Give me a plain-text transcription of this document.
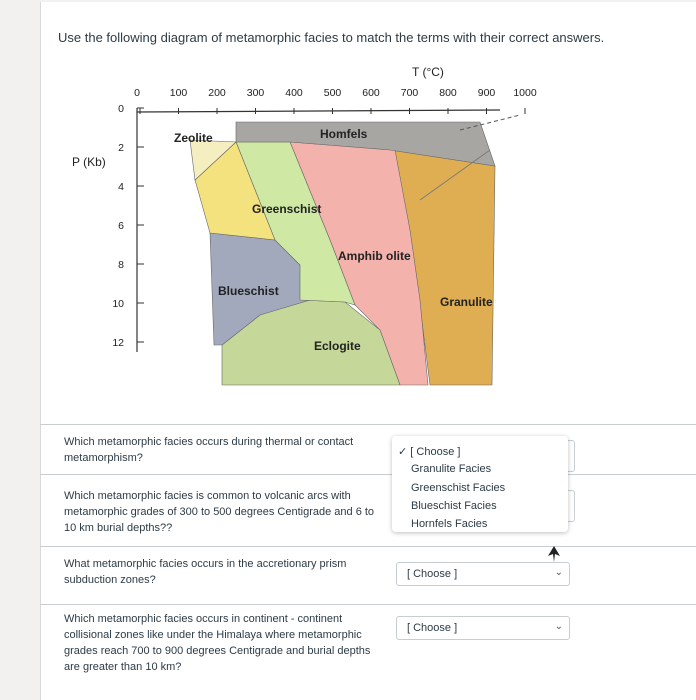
Use the following diagram of metamorphic facies to match the terms with their correct answers.

0	100 200 300 400 500 600 700 800 900 1000
0
2
4
6
8
10
12
T (°C)
P (Kb)
Zeolite	Homfels
Greenschist
Amphib olite
Blueschist
Granulite
Eclogite

Which metamorphic facies occurs during thermal or contact metamorphism?

Which metamorphic facies is common to volcanic arcs with metamorphic grades of 300 to 500 degrees Centigrade and 6 to 10 km burial depths??

What metamorphic facies occurs in the accretionary prism subduction zones?	[ Choose ]	⌄

Which metamorphic facies occurs in continent - continent collisional zones like under the Himalaya where metamorphic grades reach 700 to 900 degrees Centigrade and burial depths are greater than 10 km?

[ Choose ]	⌄
✓ [ Choose ]
Granulite Facies
Greenschist Facies
Blueschist Facies
Hornfels Facies
